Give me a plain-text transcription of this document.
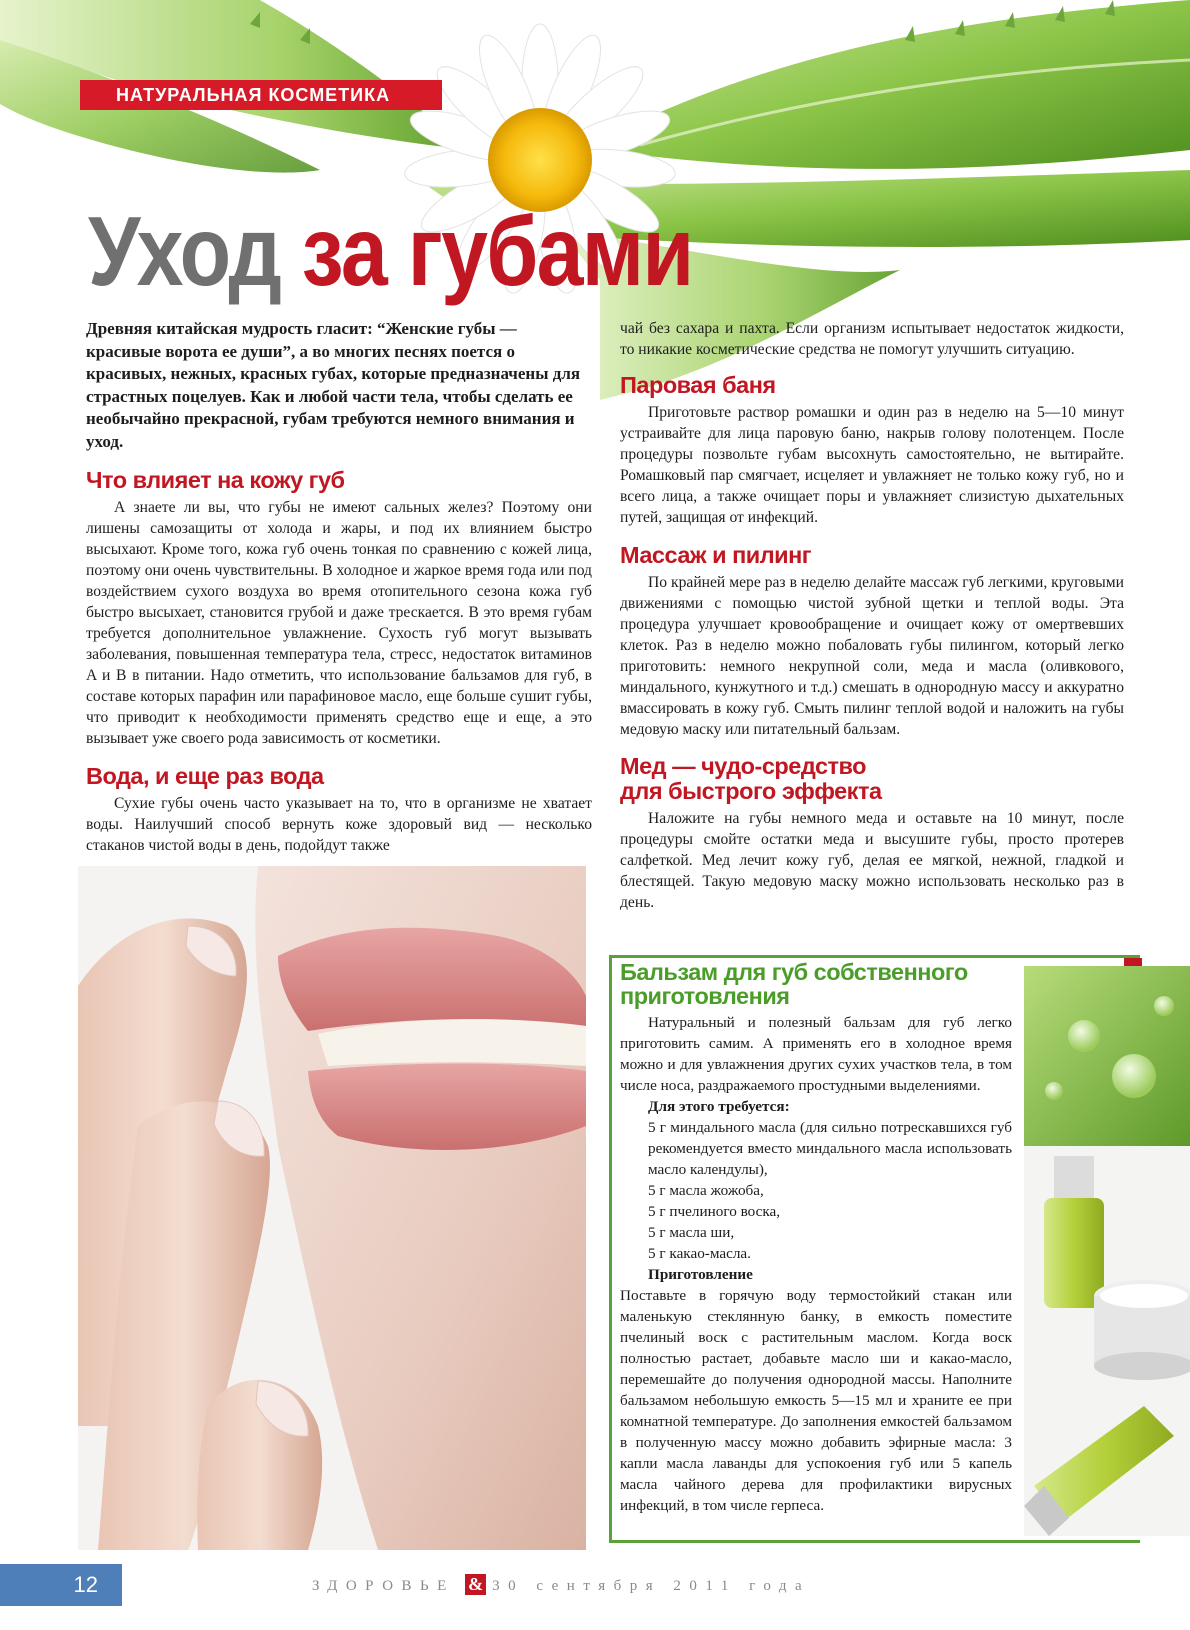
НАТУРАЛЬНАЯ КОСМЕТИКА
Уход за губами

Древняя китайская мудрость гласит: “Женские губы — красивые ворота ее души”, а во многих песнях поется о красивых, нежных, красных губах, которые предназначены для страстных поцелуев. Как и любой части тела, чтобы сделать ее необычайно прекрасной, губам требуются немного внимания и уход.

Что влияет на кожу губ

А знаете ли вы, что губы не имеют сальных желез? Поэтому они лишены самозащиты от холода и жары, и под их влиянием быстро высыхают. Кроме того, кожа губ очень тонкая по сравнению с кожей лица, поэтому они очень чувствительны. В холодное и жаркое время года или под воздействием сухого воздуха во время отопительного сезона кожа губ быстро высыхает, становится грубой и даже трескается. В это время губам требуется дополнительное увлажнение. Сухость губ могут вызывать заболевания, повышенная температура тела, стресс, недостаток витаминов A и B в питании. Надо отметить, что использование бальзамов для губ, в составе которых парафин или парафиновое масло, еще больше сушит губы, что приводит к необходимости применять средство еще и еще, а это вызывает уже своего рода зависимость от косметики.

Вода, и еще раз вода

Сухие губы очень часто указывает на то, что в организме не хватает воды. Наилучший способ вернуть коже здоровый вид — несколько стаканов чистой воды в день, подойдут также

чай без сахара и пахта. Если организм испытывает недостаток жидкости, то никакие косметические средства не помогут улучшить ситуацию.

Паровая баня

Приготовьте раствор ромашки и один раз в неделю на 5—10 минут устраивайте для лица паровую баню, накрыв голову полотенцем. После процедуры позвольте губам высохнуть самостоятельно, не вытирайте. Ромашковый пар смягчает, исцеляет и увлажняет не только кожу губ, но и всего лица, а также очищает поры и увлажняет слизистую дыхательных путей, защищая от инфекций.

Массаж и пилинг

По крайней мере раз в неделю делайте массаж губ легкими, круговыми движениями с помощью чистой зубной щетки и теплой воды. Эта процедура улучшает кровообращение и очищает кожу от омертвевших клеток. Раз в неделю можно побаловать губы пилингом, который легко приготовить: немного некрупной соли, меда и масла (оливкового, миндального, кунжутного и т.д.) смешать в однородную массу и аккуратно вмассировать в кожу губ. Смыть пилинг теплой водой и наложить на губы медовую маску или питательный бальзам.

Мед — чудо-средство
для быстрого эффекта

Наложите на губы немного меда и оставьте на 10 минут, после процедуры смойте остатки меда и высушите губы, просто протерев салфеткой. Мед лечит кожу губ, делая ее мягкой, нежной, гладкой и блестящей. Такую медовую маску можно использовать несколько раз в день.

Бальзам для губ собственного
приготовления

Натуральный и полезный бальзам для губ легко приготовить самим. А применять его в холодное время можно и для увлажнения других сухих участков тела, в том числе носа, раздражаемого простудными выделениями.

Для этого требуется:

5 г миндального масла (для сильно потрескавшихся губ рекомендуется вместо миндального масла использовать масло календулы),

5 г масла жожоба,

5 г пчелиного воска,

5 г масла ши,

5 г какао-масла.

Приготовление

Поставьте в горячую воду термостойкий стакан или маленькую стеклянную банку, в емкость поместите пчелиный воск с растительным маслом. Когда воск полностью растает, добавьте масло ши и какао-масло, перемешайте до получения однородной массы. Наполните бальзамом небольшую емкость 5—15 мл и храните ее при комнатной температуре. До заполнения емкостей бальзамом в полученную массу можно добавить эфирные масла: 3 капли масла лаванды для успокоения губ или 5 капель масла чайного дерева для профилактики вирусных инфекций, в том числе герпеса.

12	ЗДОРОВЬЕ & 30 сентября 2011 года
